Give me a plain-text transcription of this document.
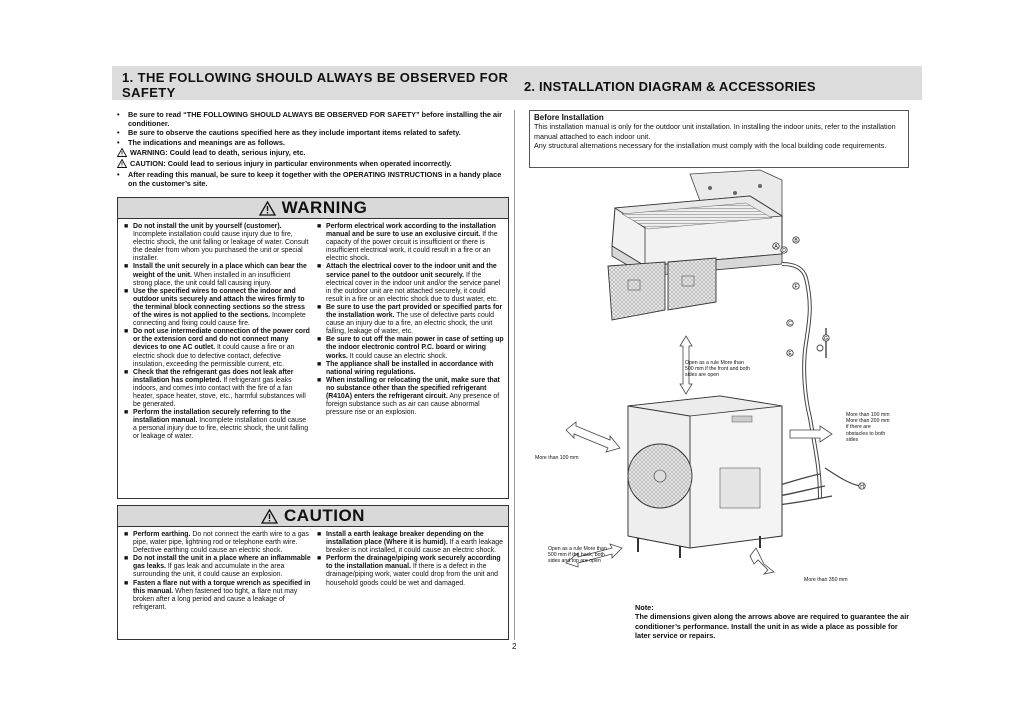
1. THE FOLLOWING SHOULD ALWAYS BE OBSERVED FOR SAFETY	2. INSTALLATION DIAGRAM & ACCESSORIES
•	Be sure to read “THE FOLLOWING SHOULD ALWAYS BE OBSERVED FOR SAFETY” before installing the air conditioner.
•	Be sure to observe the cautions specified here as they include important items related to safety.
•	The indications and meanings are as follows.
WARNING: Could lead to death, serious injury, etc.
CAUTION: Could lead to serious injury in particular environments when operated incorrectly.
•	After reading this manual, be sure to keep it together with the OPERATING INSTRUCTIONS in a handy place on the customer’s site.
WARNING
■ Do not install the unit by yourself (customer). Incomplete installation could cause injury due to fire, electric shock, the unit falling or leakage of water. Consult the dealer from whom you purchased the unit or special installer.
■ Install the unit securely in a place which can bear the weight of the unit. When installed in an insufficient strong place, the unit could fall causing injury.
■ Use the specified wires to connect the indoor and outdoor units securely and attach the wires firmly to the terminal block connecting sections so the stress of the wires is not applied to the sections. Incomplete connecting and fixing could cause fire.
■ Do not use intermediate connection of the power cord or the extension cord and do not connect many devices to one AC outlet. It could cause a fire or an electric shock due to defective contact, defective insulation, exceeding the permissible current, etc.
■ Check that the refrigerant gas does not leak after installation has completed. If refrigerant gas leaks indoors, and comes into contact with the fire of a fan heater, space heater, stove, etc., harmful substances will be generated.
■ Perform the installation securely referring to the installation manual. Incomplete installation could cause a personal injury due to fire, electric shock, the unit falling or leakage of water.
■ Perform electrical work according to the installation manual and be sure to use an exclusive circuit. If the capacity of the power circuit is insufficient or there is insufficient electrical work, it could result in a fire or an electric shock.
■ Attach the electrical cover to the indoor unit and the service panel to the outdoor unit securely. If the electrical cover in the indoor unit and/or the service panel in the outdoor unit are not attached securely, it could result in a fire or an electric shock due to dust water, etc.
■ Be sure to use the part provided or specified parts for the installation work. The use of defective parts could cause an injury due to a fire, an electric shock, the unit falling, leakage of water, etc.
■ Be sure to cut off the main power in case of setting up the indoor electronic control P.C. board or wiring works. It could cause an electric shock.
■ The appliance shall be installed in accordance with national wiring regulations.
■ When installing or relocating the unit, make sure that no substance other than the specified refrigerant (R410A) enters the refrigerant circuit. Any presence of foreign substance such as air can cause abnormal pressure rise or an explosion.
CAUTION
■ Perform earthing. Do not connect the earth wire to a gas pipe, water pipe, lightning rod or telephone earth wire. Defective earthing could cause an electric shock.
■ Do not install the unit in a place where an inflammable gas leaks. If gas leak and accumulate in the area surrounding the unit, it could cause an explosion.
■ Fasten a flare nut with a torque wrench as specified in this manual. When fastened too tight, a flare nut may broken after a long period and cause a leakage of refrigerant.
■ Install a earth leakage breaker depending on the installation place (Where it is humid). If a earth leakage breaker is not installed, it could cause an electric shock.
■ Perform the drainage/piping work securely according to the installation manual. If there is a defect in the drainage/piping work, water could drop from the unit and household goods could be wet and damaged.
Before Installation
This installation manual is only for the outdoor unit installation. In installing the indoor units, refer to the installation manual attached to each indoor unit.
Any structural alternations necessary for the installation must comply with the local building code requirements.
A
B
D
C
E
G
F
H
Open as a rule More than 500 mm if the front and both sides are open
More than 100 mm
More than 100 mm More than 200 mm if there are obstacles to both sides
Open as a rule More than 500 mm if the back, both sides and top are open
More than 350 mm
Note:
The dimensions given along the arrows above are required to guarantee the air conditioner’s performance. Install the unit in as wide a place as possible for later service or repairs.
2
